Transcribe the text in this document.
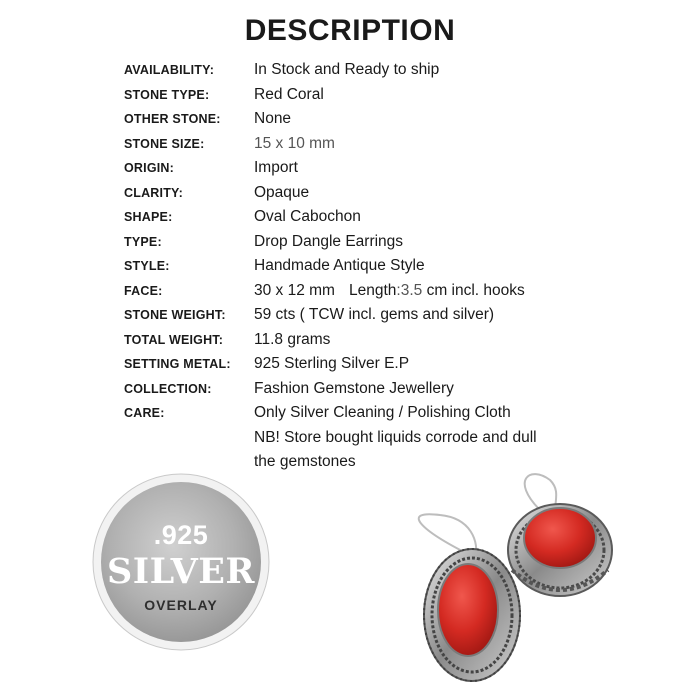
DESCRIPTION
AVAILABILITY:	In Stock and Ready to ship
STONE TYPE:	Red Coral
OTHER STONE:	None
STONE SIZE:	15 x 10 mm
ORIGIN:	Import
CLARITY:	Opaque
SHAPE:	Oval Cabochon
TYPE:	Drop Dangle Earrings
STYLE:	Handmade Antique Style
FACE:	30 x 12 mm Length:3.5 cm incl. hooks
STONE WEIGHT:	59 cts ( TCW incl. gems and silver)
TOTAL WEIGHT:	11.8 grams
SETTING METAL:	925 Sterling Silver E.P
COLLECTION:	Fashion Gemstone Jewellery
CARE:	Only Silver Cleaning / Polishing Cloth
NB! Store bought liquids corrode and dull
the gemstones
.925
SILVER
OVERLAY
